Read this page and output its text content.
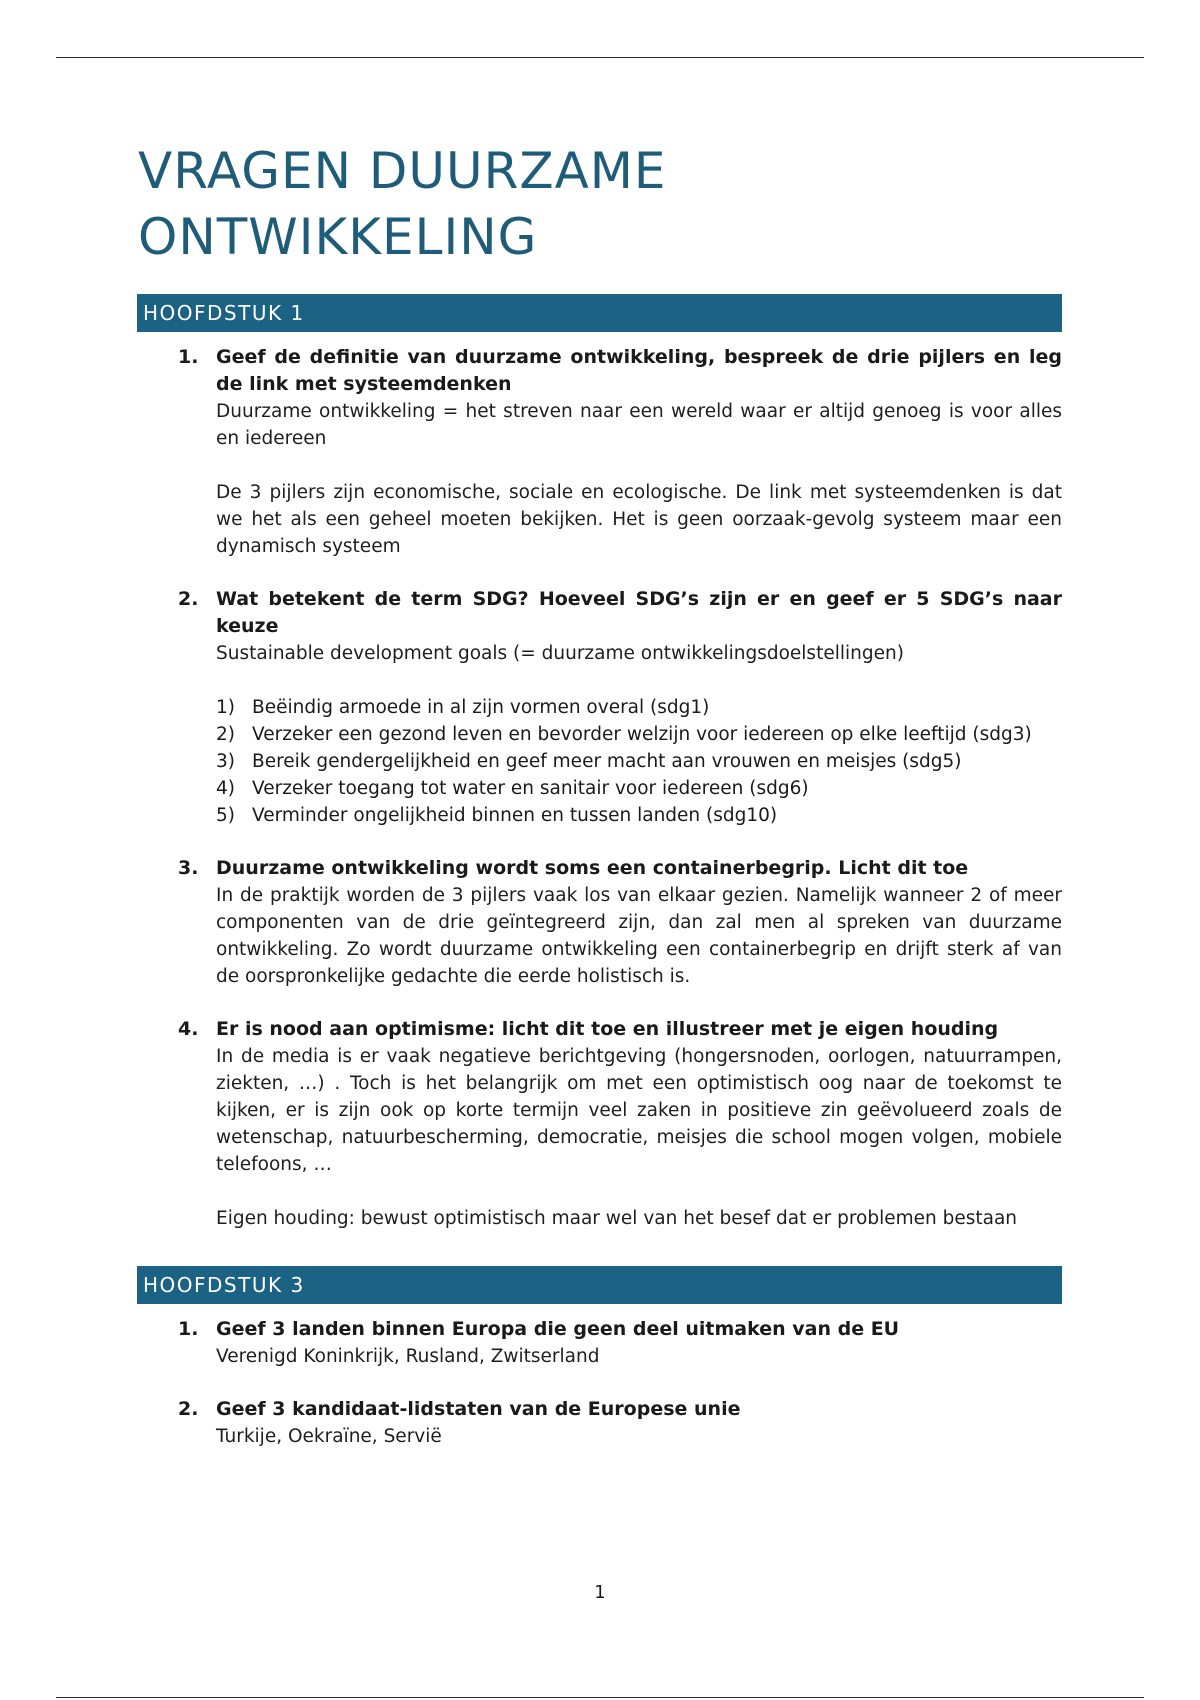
VRAGEN DUURZAME ONTWIKKELING
HOOFDSTUK 1
1. Geef de definitie van duurzame ontwikkeling, bespreek de drie pijlers en leg de link met systeemdenken

Duurzame ontwikkeling = het streven naar een wereld waar er altijd genoeg is voor alles en iedereen

De 3 pijlers zijn economische, sociale en ecologische. De link met systeemdenken is dat we het als een geheel moeten bekijken. Het is geen oorzaak-gevolg systeem maar een dynamisch systeem

2. Wat betekent de term SDG? Hoeveel SDG’s zijn er en geef er 5 SDG’s naar keuze

Sustainable development goals (= duurzame ontwikkelingsdoelstellingen)

1) Beëindig armoede in al zijn vormen overal (sdg1)
2) Verzeker een gezond leven en bevorder welzijn voor iedereen op elke leeftijd (sdg3)
3) Bereik gendergelijkheid en geef meer macht aan vrouwen en meisjes (sdg5)
4) Verzeker toegang tot water en sanitair voor iedereen (sdg6)
5) Verminder ongelijkheid binnen en tussen landen (sdg10)
3. Duurzame ontwikkeling wordt soms een containerbegrip. Licht dit toe

In de praktijk worden de 3 pijlers vaak los van elkaar gezien. Namelijk wanneer 2 of meer componenten van de drie geïntegreerd zijn, dan zal men al spreken van duurzame ontwikkeling. Zo wordt duurzame ontwikkeling een containerbegrip en drijft sterk af van de oorspronkelijke gedachte die eerde holistisch is.

4. Er is nood aan optimisme: licht dit toe en illustreer met je eigen houding

In de media is er vaak negatieve berichtgeving (hongersnoden, oorlogen, natuurrampen, ziekten, …) . Toch is het belangrijk om met een optimistisch oog naar de toekomst te kijken, er is zijn ook op korte termijn veel zaken in positieve zin geëvolueerd zoals de wetenschap, natuurbescherming, democratie, meisjes die school mogen volgen, mobiele telefoons, …

Eigen houding: bewust optimistisch maar wel van het besef dat er problemen bestaan

HOOFDSTUK 3
1. Geef 3 landen binnen Europa die geen deel uitmaken van de EU

Verenigd Koninkrijk, Rusland, Zwitserland

2. Geef 3 kandidaat-lidstaten van de Europese unie

Turkije, Oekraïne, Servië

1
